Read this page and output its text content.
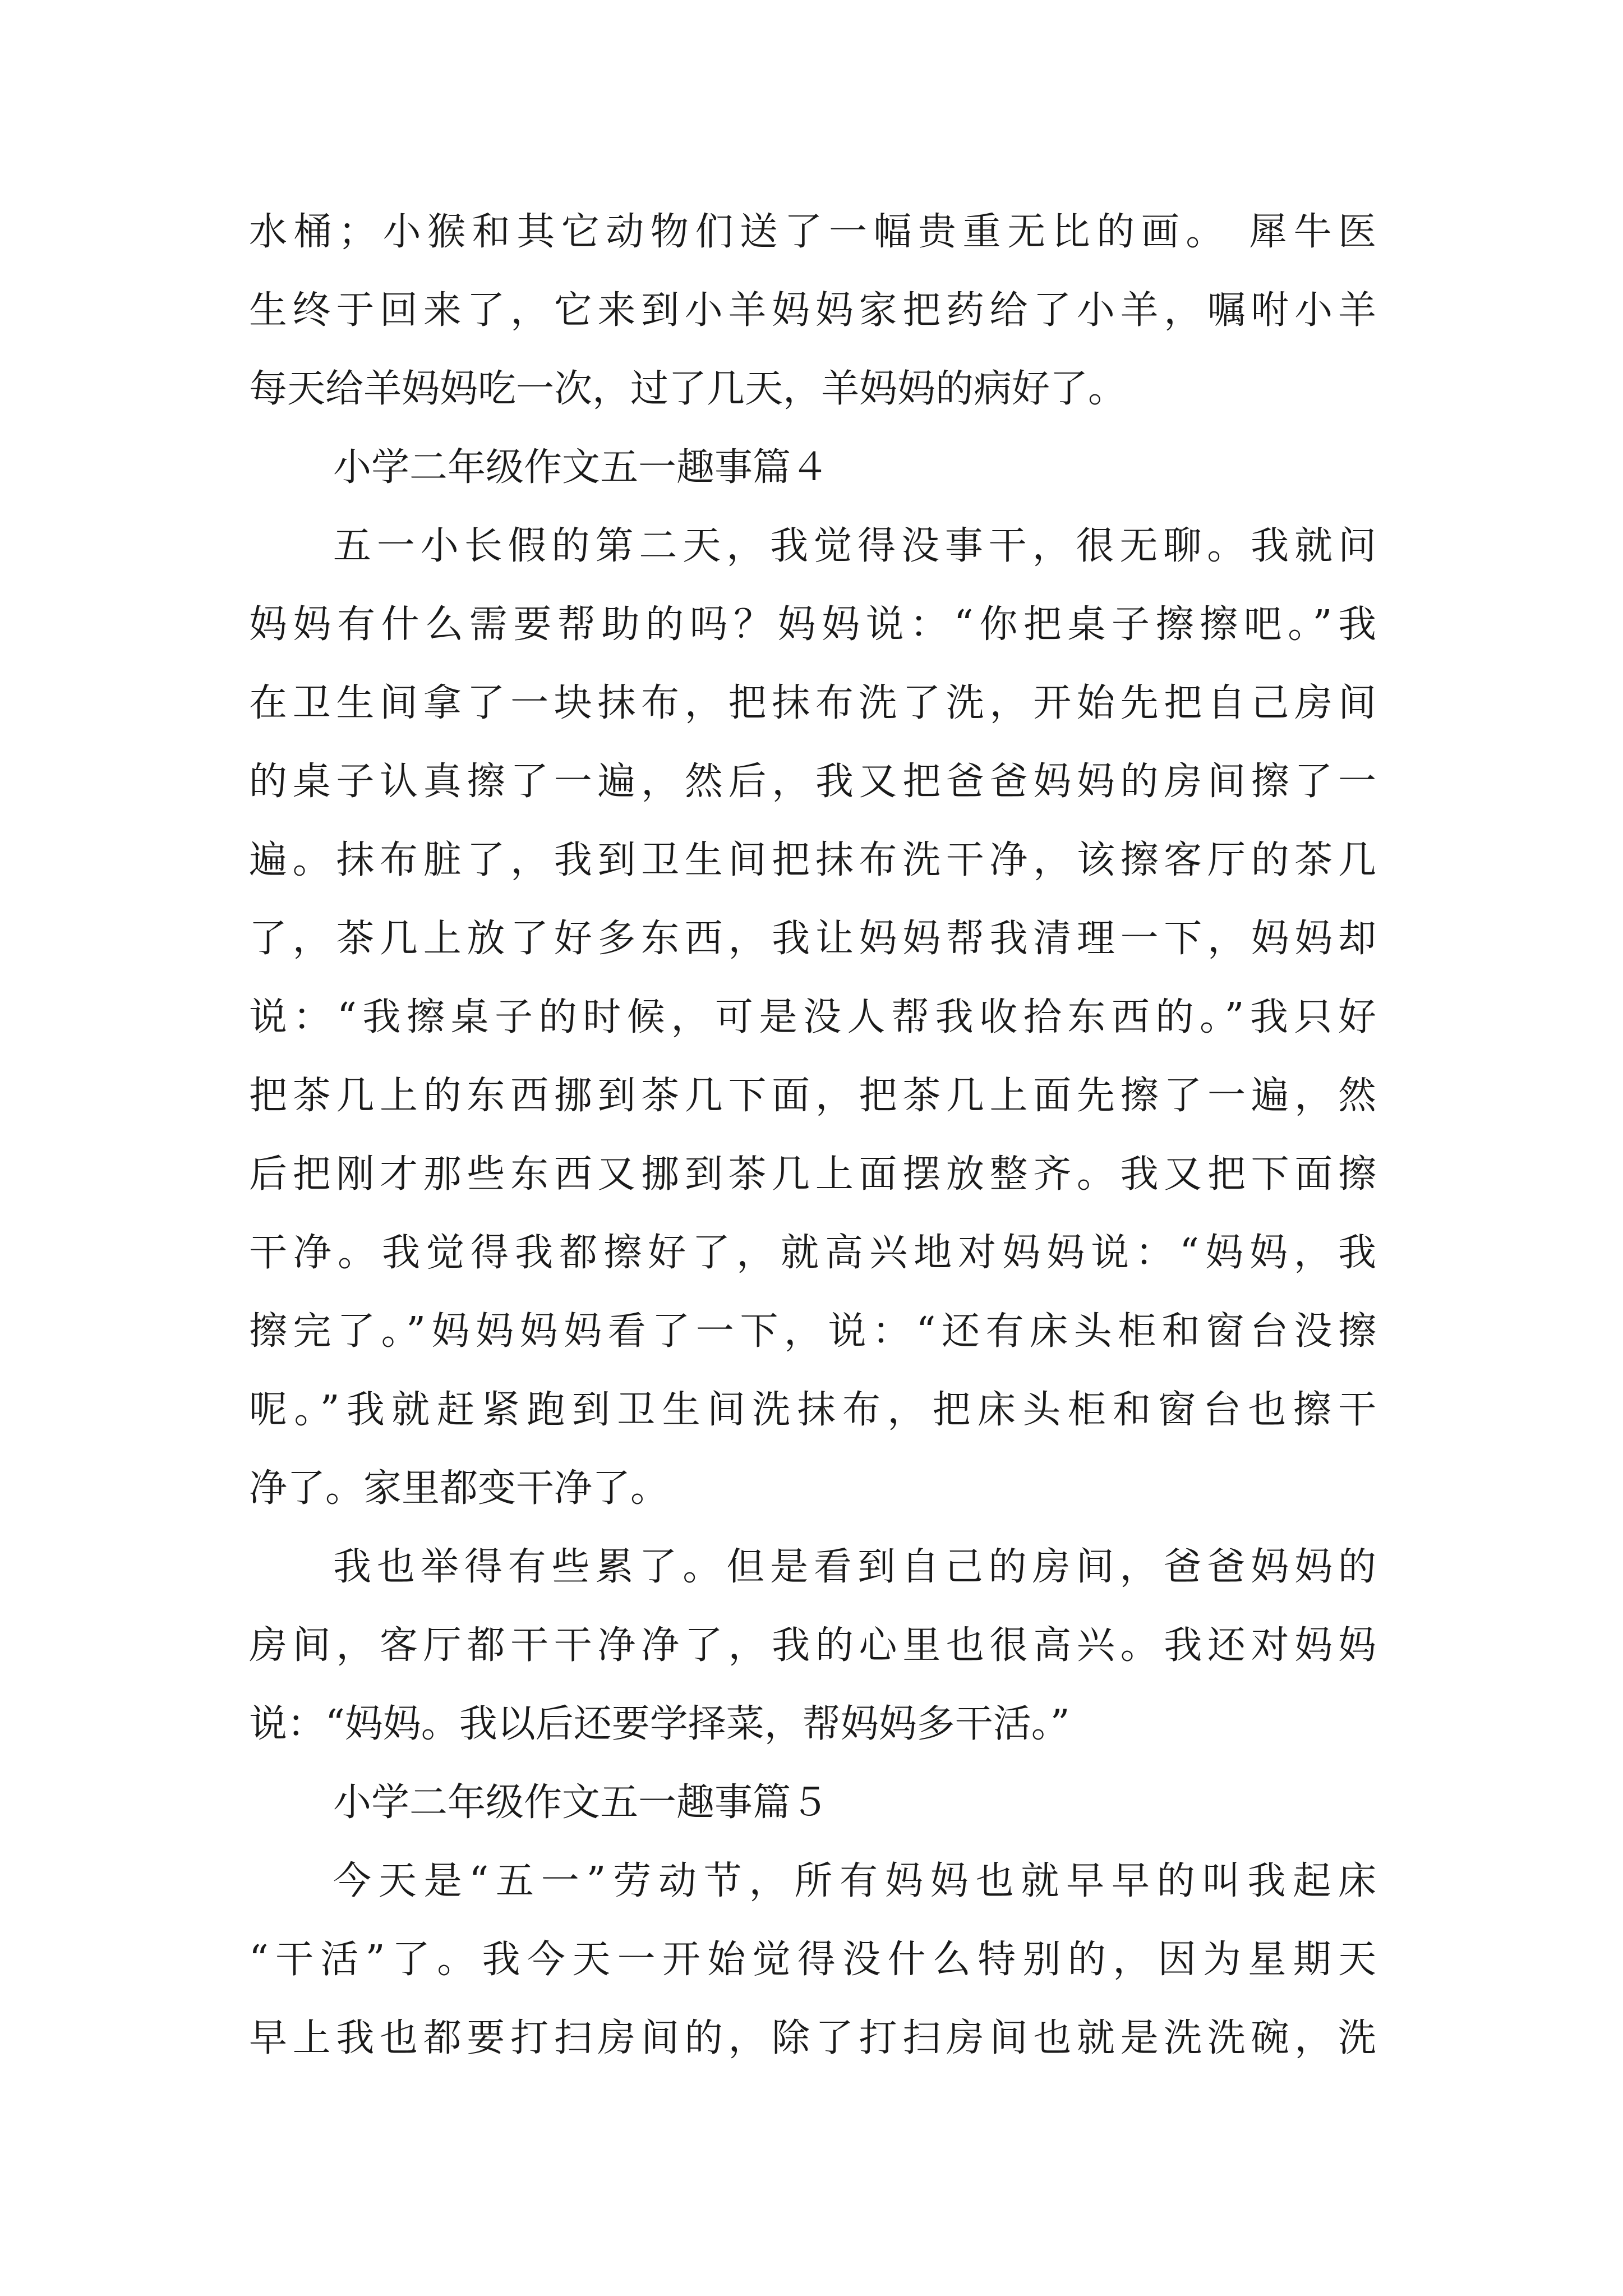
水桶；小猴和其它动物们送了一幅贵重无比的画。 犀牛医
生终于回来了，它来到小羊妈妈家把药给了小羊，嘱咐小羊
每天给羊妈妈吃一次，过了几天，羊妈妈的病好了。
小学二年级作文五一趣事篇４
五一小长假的第二天，我觉得没事干，很无聊。我就问
妈妈有什么需要帮助的吗？妈妈说：“你把桌子擦擦吧。”我
在卫生间拿了一块抹布，把抹布洗了洗，开始先把自己房间
的桌子认真擦了一遍，然后，我又把爸爸妈妈的房间擦了一
遍。抹布脏了，我到卫生间把抹布洗干净，该擦客厅的茶几
了，茶几上放了好多东西，我让妈妈帮我清理一下，妈妈却
说：“我擦桌子的时候，可是没人帮我收拾东西的。”我只好
把茶几上的东西挪到茶几下面，把茶几上面先擦了一遍，然
后把刚才那些东西又挪到茶几上面摆放整齐。我又把下面擦
干净。我觉得我都擦好了，就高兴地对妈妈说：“妈妈，我
擦完了。”妈妈妈妈看了一下，说：“还有床头柜和窗台没擦
呢。”我就赶紧跑到卫生间洗抹布，把床头柜和窗台也擦干
净了。家里都变干净了。
我也举得有些累了。但是看到自己的房间，爸爸妈妈的
房间，客厅都干干净净了，我的心里也很高兴。我还对妈妈
说：“妈妈。我以后还要学择菜，帮妈妈多干活。”
小学二年级作文五一趣事篇５
今天是“五一”劳动节，所有妈妈也就早早的叫我起床
“干活”了。我今天一开始觉得没什么特别的，因为星期天
早上我也都要打扫房间的，除了打扫房间也就是洗洗碗，洗
